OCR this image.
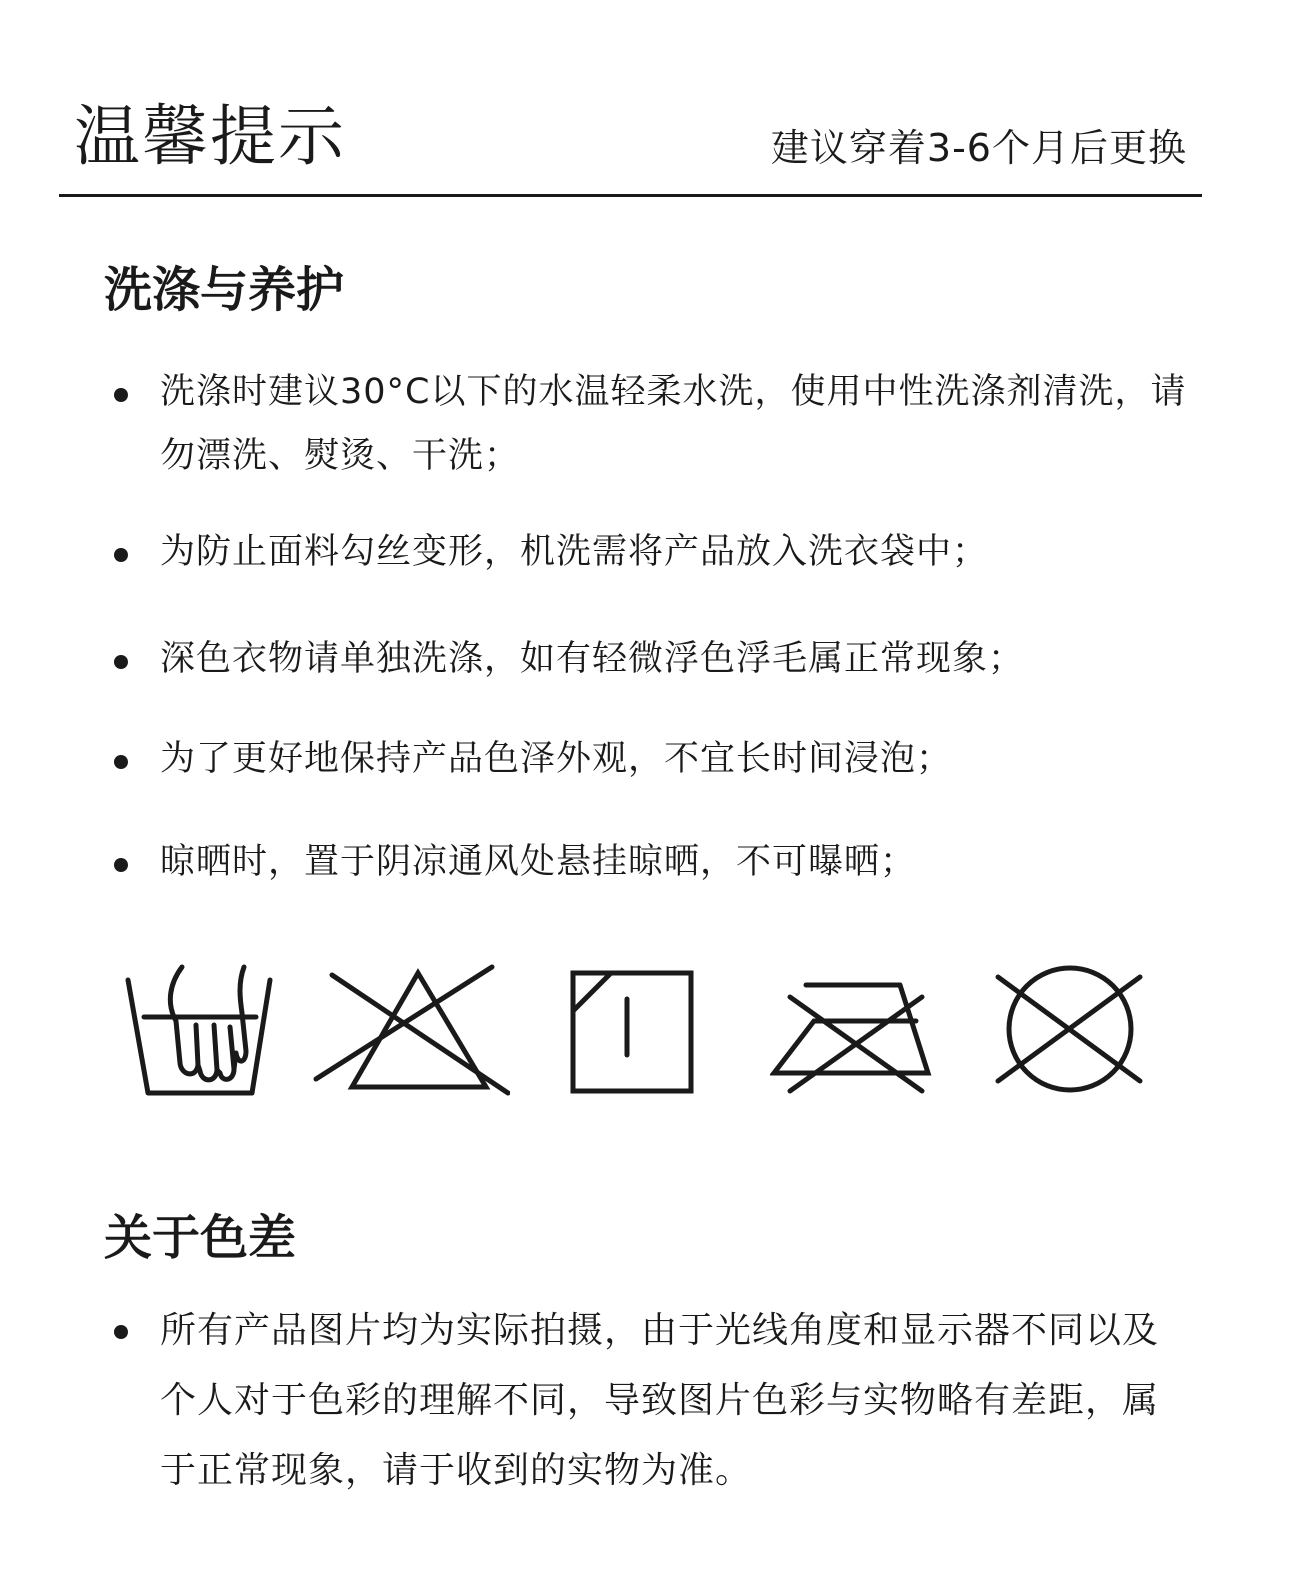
温馨提示	建议穿着3-6个月后更换
洗涤与养护
洗涤时建议30°C以下的水温轻柔水洗，使用中性洗涤剂清洗，请勿漂洗、熨烫、干洗；
为防止面料勾丝变形，机洗需将产品放入洗衣袋中；
深色衣物请单独洗涤，如有轻微浮色浮毛属正常现象；
为了更好地保持产品色泽外观，不宜长时间浸泡；
晾晒时，置于阴凉通风处悬挂晾晒，不可曝晒；
关于色差
所有产品图片均为实际拍摄，由于光线角度和显示器不同以及个人对于色彩的理解不同，导致图片色彩与实物略有差距，属于正常现象，请于收到的实物为准。
